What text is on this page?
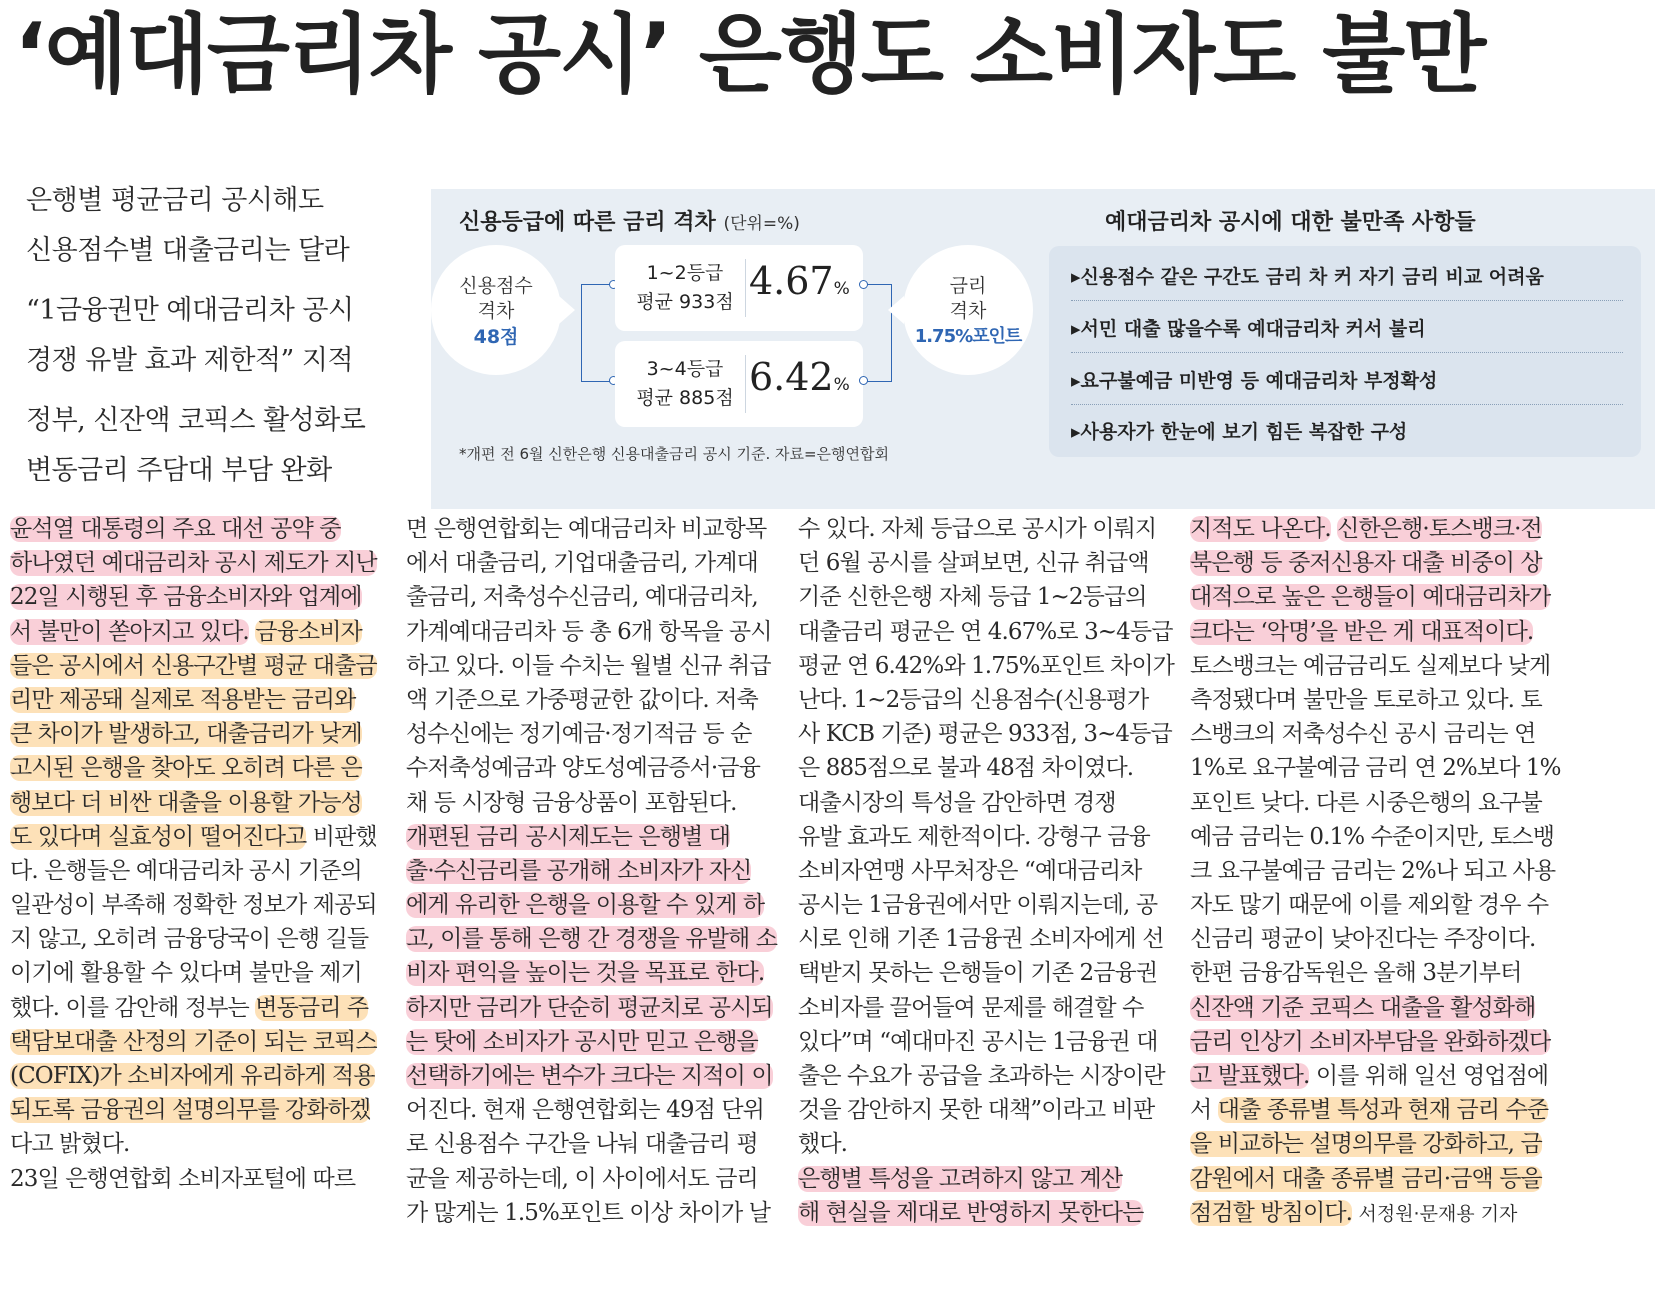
‘예대금리차 공시’ 은행도 소비자도 불만
은행별 평균금리 공시해도
신용점수별 대출금리는 달라
“1금융권만 예대금리차 공시
경쟁 유발 효과 제한적” 지적
정부, 신잔액 코픽스 활성화로
변동금리 주담대 부담 완화
신용등급에 따른 금리 격차 (단위=%)
신용점수
격차
48점
1~2등급
평균 933점 4.67%
3~4등급
평균 885점 6.42%
금리
격차
1.75%포인트
*개편 전 6월 신한은행 신용대출금리 공시 기준. 자료=은행연합회
예대금리차 공시에 대한 불만족 사항들
▸신용점수 같은 구간도 금리 차 커 자기 금리 비교 어려움
▸서민 대출 많을수록 예대금리차 커서 불리
▸요구불예금 미반영 등 예대금리차 부정확성
▸사용자가 한눈에 보기 힘든 복잡한 구성
윤석열 대통령의 주요 대선 공약 중
하나였던 예대금리차 공시 제도가 지난
22일 시행된 후 금융소비자와 업계에
서 불만이 쏟아지고 있다. 금융소비자
들은 공시에서 신용구간별 평균 대출금
리만 제공돼 실제로 적용받는 금리와
큰 차이가 발생하고, 대출금리가 낮게
고시된 은행을 찾아도 오히려 다른 은
행보다 더 비싼 대출을 이용할 가능성
도 있다며 실효성이 떨어진다고 비판했
다. 은행들은 예대금리차 공시 기준의
일관성이 부족해 정확한 정보가 제공되
지 않고, 오히려 금융당국이 은행 길들
이기에 활용할 수 있다며 불만을 제기
했다. 이를 감안해 정부는 변동금리 주
택담보대출 산정의 기준이 되는 코픽스
(COFIX)가 소비자에게 유리하게 적용
되도록 금융권의 설명의무를 강화하겠
다고 밝혔다.
23일 은행연합회 소비자포털에 따르
면 은행연합회는 예대금리차 비교항목
에서 대출금리, 기업대출금리, 가계대
출금리, 저축성수신금리, 예대금리차,
가계예대금리차 등 총 6개 항목을 공시
하고 있다. 이들 수치는 월별 신규 취급
액 기준으로 가중평균한 값이다. 저축
성수신에는 정기예금·정기적금 등 순
수저축성예금과 양도성예금증서·금융
채 등 시장형 금융상품이 포함된다.
개편된 금리 공시제도는 은행별 대
출·수신금리를 공개해 소비자가 자신
에게 유리한 은행을 이용할 수 있게 하
고, 이를 통해 은행 간 경쟁을 유발해 소
비자 편익을 높이는 것을 목표로 한다.
하지만 금리가 단순히 평균치로 공시되
는 탓에 소비자가 공시만 믿고 은행을
선택하기에는 변수가 크다는 지적이 이
어진다. 현재 은행연합회는 49점 단위
로 신용점수 구간을 나눠 대출금리 평
균을 제공하는데, 이 사이에서도 금리
가 많게는 1.5%포인트 이상 차이가 날
수 있다. 자체 등급으로 공시가 이뤄지
던 6월 공시를 살펴보면, 신규 취급액
기준 신한은행 자체 등급 1~2등급의
대출금리 평균은 연 4.67%로 3~4등급
평균 연 6.42%와 1.75%포인트 차이가
난다. 1~2등급의 신용점수(신용평가
사 KCB 기준) 평균은 933점, 3~4등급
은 885점으로 불과 48점 차이였다.
대출시장의 특성을 감안하면 경쟁
유발 효과도 제한적이다. 강형구 금융
소비자연맹 사무처장은 “예대금리차
공시는 1금융권에서만 이뤄지는데, 공
시로 인해 기존 1금융권 소비자에게 선
택받지 못하는 은행들이 기존 2금융권
소비자를 끌어들여 문제를 해결할 수
있다”며 “예대마진 공시는 1금융권 대
출은 수요가 공급을 초과하는 시장이란
것을 감안하지 못한 대책”이라고 비판
했다.
은행별 특성을 고려하지 않고 계산
해 현실을 제대로 반영하지 못한다는
지적도 나온다. 신한은행·토스뱅크·전
북은행 등 중저신용자 대출 비중이 상
대적으로 높은 은행들이 예대금리차가
크다는 ‘악명’을 받은 게 대표적이다.
토스뱅크는 예금금리도 실제보다 낮게
측정됐다며 불만을 토로하고 있다. 토
스뱅크의 저축성수신 공시 금리는 연
1%로 요구불예금 금리 연 2%보다 1%
포인트 낮다. 다른 시중은행의 요구불
예금 금리는 0.1% 수준이지만, 토스뱅
크 요구불예금 금리는 2%나 되고 사용
자도 많기 때문에 이를 제외할 경우 수
신금리 평균이 낮아진다는 주장이다.
한편 금융감독원은 올해 3분기부터
신잔액 기준 코픽스 대출을 활성화해
금리 인상기 소비자부담을 완화하겠다
고 발표했다. 이를 위해 일선 영업점에
서 대출 종류별 특성과 현재 금리 수준
을 비교하는 설명의무를 강화하고, 금
감원에서 대출 종류별 금리·금액 등을
점검할 방침이다. 서정원·문재용 기자
